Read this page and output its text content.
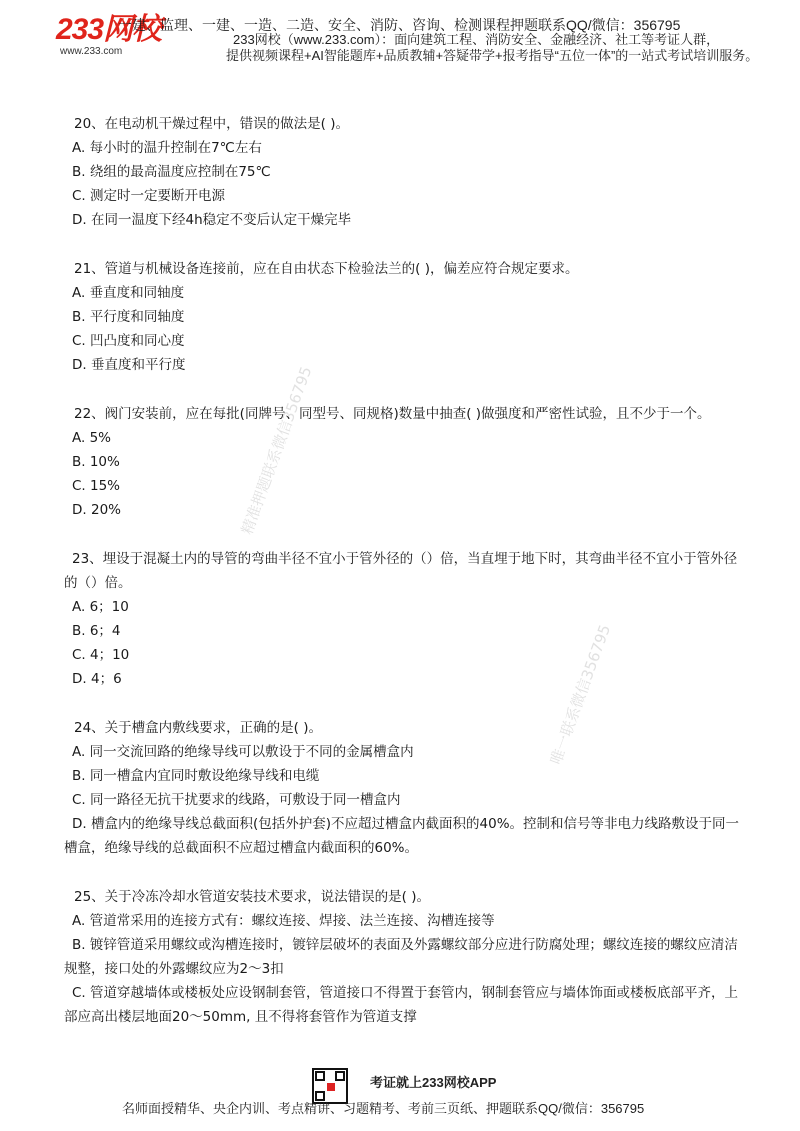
233网校
www.233.com
一建、监理、一建、一造、二造、安全、消防、咨询、检测课程押题联系QQ/微信：356795
233网校（www.233.com）：面向建筑工程、消防安全、金融经济、社工等考证人群，
提供视频课程+AI智能题库+品质教辅+答疑带学+报考指导“五位一体”的一站式考试培训服务。
精准押题联系微信356795
唯一联系微信356795
20、在电动机干燥过程中，错误的做法是( )。
A. 每小时的温升控制在7℃左右
B. 绕组的最高温度应控制在75℃
C. 测定时一定要断开电源
D. 在同一温度下经4h稳定不变后认定干燥完毕
21、管道与机械设备连接前，应在自由状态下检验法兰的( )，偏差应符合规定要求。
A. 垂直度和同轴度
B. 平行度和同轴度
C. 凹凸度和同心度
D. 垂直度和平行度
22、阀门安装前，应在每批(同牌号、同型号、同规格)数量中抽查( )做强度和严密性试验，且不少于一个。
A. 5%
B. 10%
C. 15%
D. 20%
23、埋设于混凝土内的导管的弯曲半径不宜小于管外径的（）倍，当直埋于地下时，其弯曲半径不宜小于管外径的（）倍。
A. 6；10
B. 6；4
C. 4；10
D. 4；6
24、关于槽盒内敷线要求，正确的是( )。
A. 同一交流回路的绝缘导线可以敷设于不同的金属槽盒内
B. 同一槽盒内宜同时敷设绝缘导线和电缆
C. 同一路径无抗干扰要求的线路，可敷设于同一槽盒内
D. 槽盒内的绝缘导线总截面积(包括外护套)不应超过槽盒内截面积的40%。控制和信号等非电力线路敷设于同一槽盒，绝缘导线的总截面积不应超过槽盒内截面积的60%。
25、关于冷冻冷却水管道安装技术要求，说法错误的是( )。
A. 管道常采用的连接方式有：螺纹连接、焊接、法兰连接、沟槽连接等
B. 镀锌管道采用螺纹或沟槽连接时，镀锌层破坏的表面及外露螺纹部分应进行防腐处理；螺纹连接的螺纹应清洁规整，接口处的外露螺纹应为2～3扣
C. 管道穿越墙体或楼板处应设钢制套管，管道接口不得置于套管内，钢制套管应与墙体饰面或楼板底部平齐，上部应高出楼层地面20～50mm, 且不得将套管作为管道支撑
考证就上233网校APP
名师面授精华、央企内训、考点精讲、习题精考、考前三页纸、押题联系QQ/微信：356795
